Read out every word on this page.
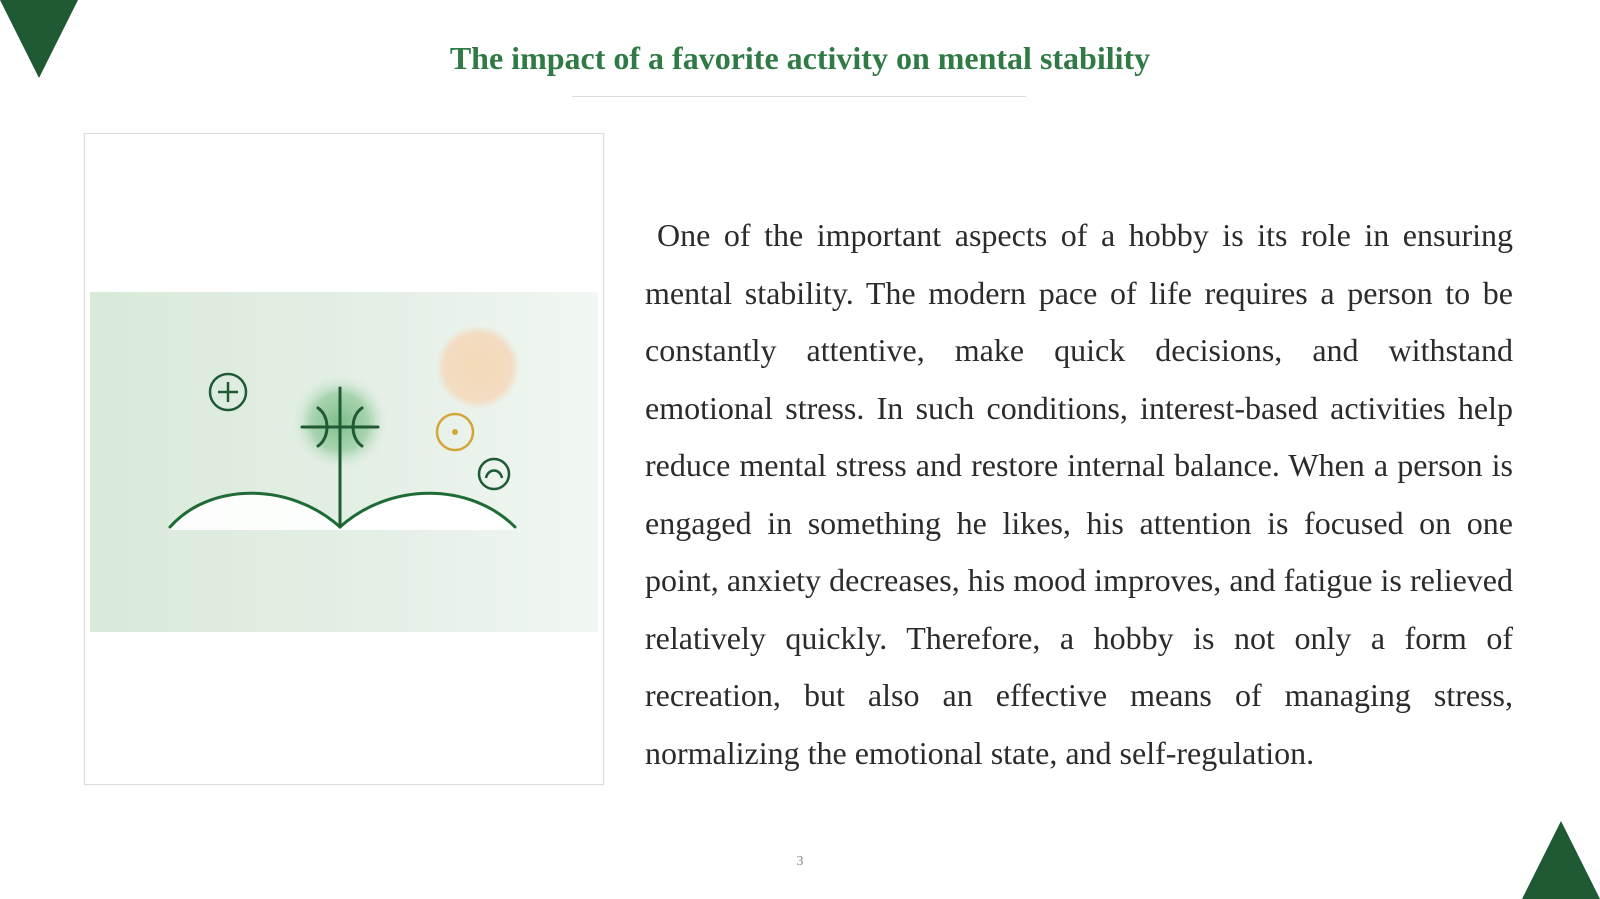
The impact of a favorite activity on mental stability

One of the important aspects of a hobby is its role in ensuring mental stability. The modern pace of life requires a person to be constantly attentive, make quick decisions, and withstand emotional stress. In such conditions, interest-based activities help reduce mental stress and restore internal balance. When a person is engaged in something he likes, his attention is focused on one point, anxiety decreases, his mood improves, and fatigue is relieved relatively quickly. Therefore, a hobby is not only a form of recreation, but also an effective means of managing stress, normalizing the emotional state, and self-regulation.

3
